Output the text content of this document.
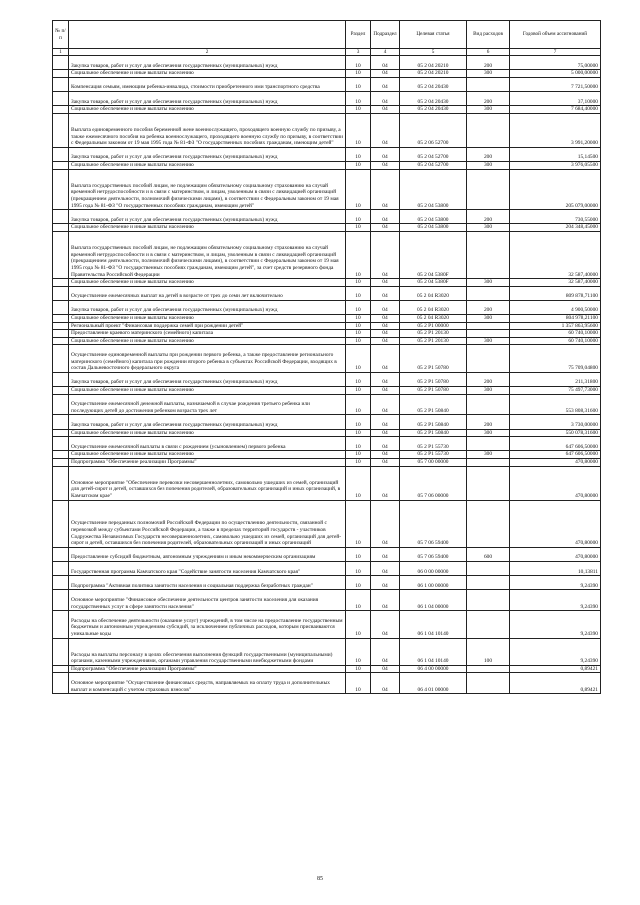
№ п/п		Раздел	Подраздел	Целевая статья	Вид расходов	Годовой объем ассигнований
1	2	3	4	5	6	7
	Закупка товаров, работ и услуг для обеспечения государственных (муниципальных) нужд	10	04	05 2 04 20210	200	75,00000
	Социальное обеспечение и иные выплаты населению	10	04	05 2 04 20210	300	5 000,00000
	Компенсация семьям, имеющим ребенка-инвалида, стоимости приобретенного ими транспортного средства	10	04	05 2 04 20430		7 721,50000
	Закупка товаров, работ и услуг для обеспечения государственных (муниципальных) нужд	10	04	05 2 04 20430	200	37,10000
	Социальное обеспечение и иные выплаты населению	10	04	05 2 04 20430	300	7 684,40000
	Выплата единовременного пособия беременной жене военнослужащего, проходящего военную службу по призыву, а также ежемесячного пособия на ребенка военнослужащего, проходящего военную службу по призыву, в соответствии с Федеральным законом от 19 мая 1995 года № 81-ФЗ "О государственных пособиях гражданам, имеющим детей"	10	04	05 2 06 52700		3 991,20000
	Закупка товаров, работ и услуг для обеспечения государственных (муниципальных) нужд	10	04	05 2 04 52700	200	15,14500
	Социальное обеспечение и иные выплаты населению	10	04	05 2 04 52700	300	3 976,05500
	Выплата государственных пособий лицам, не подлежащим обязательному социальному страхованию на случай временной нетрудоспособности и в связи с материнством, и лицам, уволенным в связи с ликвидацией организаций (прекращением деятельности, полномочий физическими лицами), в соответствии с Федеральным законом от 19 мая 1995 года № 81-ФЗ "О государственных пособиях гражданам, имеющим детей"	10	04	05 2 04 53800		205 079,00000
	Закупка товаров, работ и услуг для обеспечения государственных (муниципальных) нужд	10	04	05 2 04 53800	200	730,55000
	Социальное обеспечение и иные выплаты населению	10	04	05 2 04 53800	300	204 348,45000
	Выплата государственных пособий лицам, не подлежащим обязательному социальному страхованию на случай временной нетрудоспособности и в связи с материнством, и лицам, уволенным в связи с ликвидацией организаций (прекращением деятельности, полномочий физическими лицами), в соответствии с Федеральным законом от 19 мая 1995 года № 81-ФЗ "О государственных пособиях гражданам, имеющим детей", за счет средств резервного фонда Правительства Российской Федерации	10	04	05 2 04 5380F		32 587,40000
	Социальное обеспечение и иные выплаты населению	10	04	05 2 04 5380F	300	32 587,40000
	Осуществление ежемесячных выплат на детей в возрасте от трех до семи лет включительно	10	04	05 2 04 R3020		809 878,71100
	Закупка товаров, работ и услуг для обеспечения государственных (муниципальных) нужд	10	04	05 2 04 R3020	200	4 900,50000
	Социальное обеспечение и иные выплаты населению	10	04	05 2 04 R3020	300	804 978,21100
	Региональный проект "Финансовая поддержка семей при рождении детей"	10	04	05 2 P1 00000		1 357 863,95600
	Предоставление краевого материнского (семейного) капитала	10	04	05 2 P1 20130		60 740,10000
	Социальное обеспечение и иные выплаты населению	10	04	05 2 P1 20130	300	60 740,10000
	Осуществление единовременной выплаты при рождении первого ребенка, а также предоставление регионального материнского (семейного) капитала при рождении второго ребенка в субъектах Российской Федерации, входящих в состав Дальневосточного федерального округа	10	04	05 2 P1 50780		75 709,04800
	Закупка товаров, работ и услуг для обеспечения государственных (муниципальных) нужд	10	04	05 2 P1 50780	200	211,31800
	Социальное обеспечение и иные выплаты населению	10	04	05 2 P1 50780	300	75 497,73000
	Осуществление ежемесячной денежной выплаты, назначаемой в случае рождения третьего ребенка или последующих детей до достижения ребенком возраста трех лет	10	04	05 2 P1 50840		553 808,31600
	Закупка товаров, работ и услуг для обеспечения государственных (муниципальных) нужд	10	04	05 2 P1 50840	200	3 730,00000
	Социальное обеспечение и иные выплаты населению	10	04	05 2 P1 50840	300	550 078,31600
	Осуществление ежемесячной выплаты в связи с рождением (усыновлением) первого ребенка	10	04	05 2 P1 55730		647 606,50000
	Социальное обеспечение и иные выплаты населению	10	04	05 2 P1 55730	300	647 606,50000
	Подпрограмма "Обеспечение реализации Программы"	10	04	05 7 00 00000		470,80000
	Основное мероприятие "Обеспечение перевозки несовершеннолетних, самовольно ушедших из семей, организаций для детей-сирот и детей, оставшихся без попечения родителей, образовательных организаций и иных организаций, в Камчатском крае"	10	04	05 7 06 00000		470,80000
	Осуществление переданных полномочий Российской Федерации по осуществлению деятельности, связанной с перевозкой между субъектами Российской Федерации, а также в пределах территорий государств - участников Содружества Независимых Государств несовершеннолетних, самовольно ушедших из семей, организаций для детей-сирот и детей, оставшихся без попечения родителей, образовательных организаций и иных организаций	10	04	05 7 06 59400		470,80000
	Предоставление субсидий бюджетным, автономным учреждениям и иным некоммерческим организациям	10	04	05 7 06 59400	600	470,80000
	Государственная программа Камчатского края "Содействие занятости населения Камчатского края"	10	04	06 0 00 00000		10,13811
	Подпрограмма "Активная политика занятости населения и социальная поддержка безработных граждан"	10	04	06 1 00 00000		9,24390
	Основное мероприятие "Финансовое обеспечение деятельности центров занятости населения для оказания государственных услуг в сфере занятости населения"	10	04	06 1 04 00000		9,24390
	Расходы на обеспечение деятельности (оказание услуг) учреждений, в том числе на предоставление государственным бюджетным и автономным учреждениям субсидий, за исключением публичных расходов, которым присваиваются уникальные коды	10	04	06 1 04 10140		9,24390
	Расходы на выплаты персоналу в целях обеспечения выполнения функций государственными (муниципальными) органами, казенными учреждениями, органами управления государственными внебюджетными фондами	10	04	06 1 04 10140	100	9,24390
	Подпрограмма "Обеспечение реализации Программы"	10	04	06 4 00 00000		0,89421
	Основное мероприятие "Осуществление финансовых средств, направляемых на оплату труда и дополнительных выплат и компенсаций с учетом страховых взносов"	10	04	06 4 01 00000		0,89421
85
